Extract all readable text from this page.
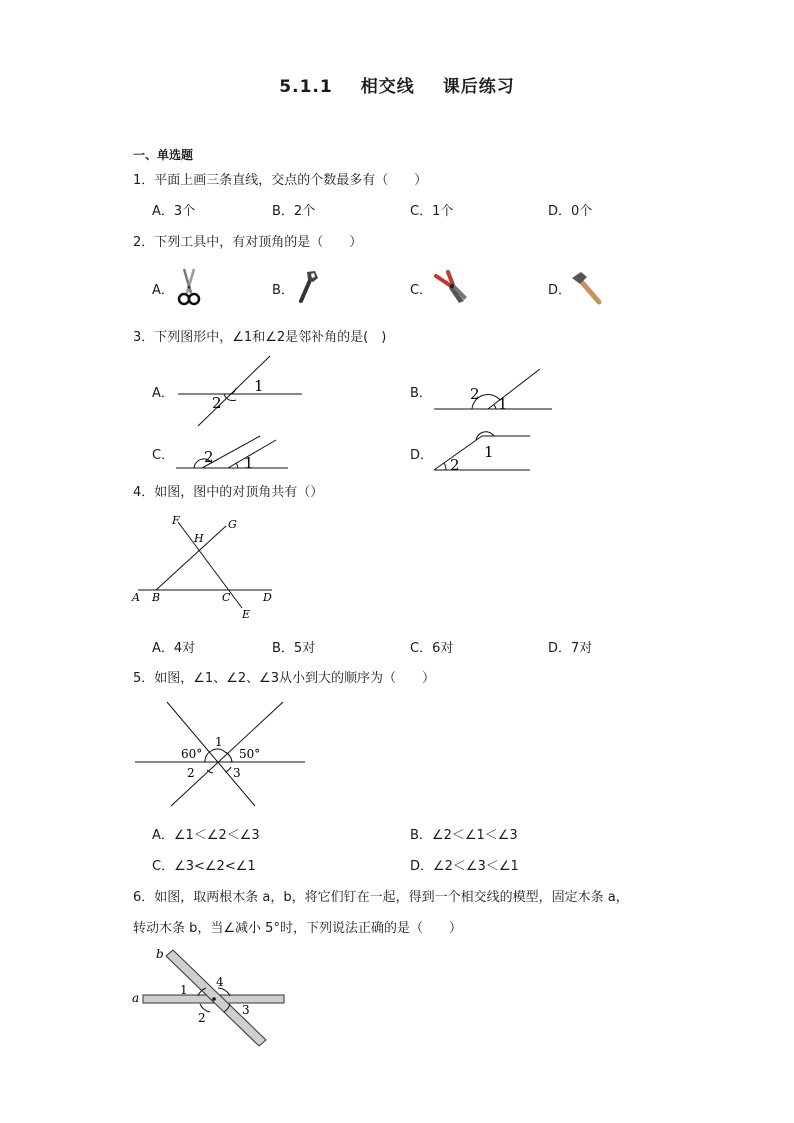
5.1.1 相交线 课后练习
一、单选题
1．平面上画三条直线，交点的个数最多有（　　）
A．3个	B．2个	C．1个	D．0个
2．下列工具中，有对顶角的是（　　）
A．	B．	C．	D．
3．下列图形中，∠1和∠2是邻补角的是(　)
A．	B．
C．	D．
1
2	2
1
2 1
1
2
4．如图，图中的对顶角共有（）
F	G
H
A B	C	D
E
A．4对	B．5对	C．6对	D．7对
5．如图，∠1、∠2、∠3从小到大的顺序为（　　）
60°	50°
1
2	3
A．∠1＜∠2＜∠3	B．∠2＜∠1＜∠3
C．∠3<∠2<∠1	D．∠2＜∠3＜∠1
6．如图，取两根木条 a，b，将它们钉在一起，得到一个相交线的模型，固定木条 a，
转动木条 b，当∠减小 5°时，下列说法正确的是（　　）
b
a
1
4
2
3
